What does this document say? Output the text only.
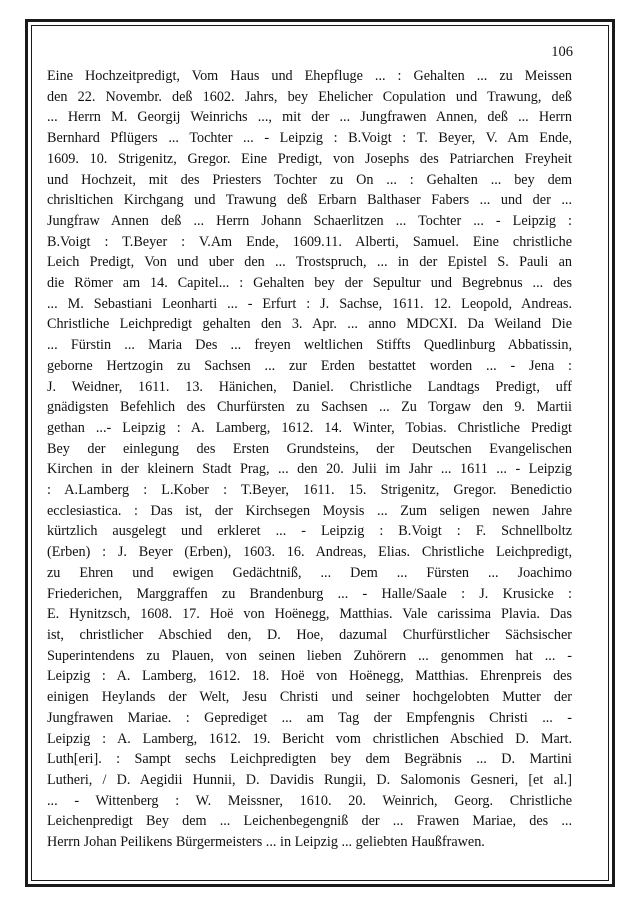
106
Eine Hochzeitpredigt, Vom Haus und Ehepfluge ... : Gehalten ... zu Meissen
den 22. Novembr. deß 1602. Jahrs, bey Ehelicher Copulation und Trawung, deß
... Herrn M. Georgij Weinrichs ..., mit der ... Jungfrawen Annen, deß ... Herrn
Bernhard Pflügers ... Tochter ... - Leipzig : B.Voigt : T. Beyer, V. Am Ende,
1609. 10. Strigenitz, Gregor. Eine Predigt, von Josephs des Patriarchen Freyheit
und Hochzeit, mit des Priesters Tochter zu On ... : Gehalten ... bey dem
chrisltichen Kirchgang und Trawung deß Erbarn Balthaser Fabers ... und der ...
Jungfraw Annen deß ... Herrn Johann Schaerlitzen ... Tochter ... - Leipzig :
B.Voigt : T.Beyer : V.Am Ende, 1609.11. Alberti, Samuel. Eine christliche
Leich Predigt, Von und uber den ... Trostspruch, ... in der Epistel S. Pauli an
die Römer am 14. Capitel... : Gehalten bey der Sepultur und Begrebnus ... des
... M. Sebastiani Leonharti ... - Erfurt : J. Sachse, 1611. 12. Leopold, Andreas.
Christliche Leichpredigt gehalten den 3. Apr. ... anno MDCXI. Da Weiland Die
... Fürstin ... Maria Des ... freyen weltlichen Stiffts Quedlinburg Abbatissin,
geborne Hertzogin zu Sachsen ... zur Erden bestattet worden ... - Jena :
J. Weidner, 1611. 13. Hänichen, Daniel. Christliche Landtags Predigt, uff
gnädigsten Befehlich des Churfürsten zu Sachsen ... Zu Torgaw den 9. Martii
gethan ...- Leipzig : A. Lamberg, 1612. 14. Winter, Tobias. Christliche Predigt
Bey der einlegung des Ersten Grundsteins, der Deutschen Evangelischen
Kirchen in der kleinern Stadt Prag, ... den 20. Julii im Jahr ... 1611 ... - Leipzig
: A.Lamberg : L.Kober : T.Beyer, 1611. 15. Strigenitz, Gregor. Benedictio
ecclesiastica. : Das ist, der Kirchsegen Moysis ... Zum seligen newen Jahre
kürtzlich ausgelegt und erkleret ... - Leipzig : B.Voigt : F. Schnellboltz
(Erben) : J. Beyer (Erben), 1603. 16. Andreas, Elias. Christliche Leichpredigt,
zu Ehren und ewigen Gedächtniß, ... Dem ... Fürsten ... Joachimo
Friederichen, Marggraffen zu Brandenburg ... - Halle/Saale : J. Krusicke :
E. Hynitzsch, 1608. 17. Hoë von Hoënegg, Matthias. Vale carissima Plavia. Das
ist, christlicher Abschied den, D. Hoe, dazumal Churfürstlicher Sächsischer
Superintendens zu Plauen, von seinen lieben Zuhörern ... genommen hat ... -
Leipzig : A. Lamberg, 1612. 18. Hoë von Hoënegg, Matthias. Ehrenpreis des
einigen Heylands der Welt, Jesu Christi und seiner hochgelobten Mutter der
Jungfrawen Mariae. : Geprediget ... am Tag der Empfengnis Christi ... -
Leipzig : A. Lamberg, 1612. 19. Bericht vom christlichen Abschied D. Mart.
Luth[eri]. : Sampt sechs Leichpredigten bey dem Begräbnis ... D. Martini
Lutheri, / D. Aegidii Hunnii, D. Davidis Rungii, D. Salomonis Gesneri, [et al.]
... - Wittenberg : W. Meissner, 1610. 20. Weinrich, Georg. Christliche
Leichenpredigt Bey dem ... Leichenbegengniß der ... Frawen Mariae, des ...
Herrn Johan Peilikens Bürgermeisters ... in Leipzig ... geliebten Haußfrawen.
